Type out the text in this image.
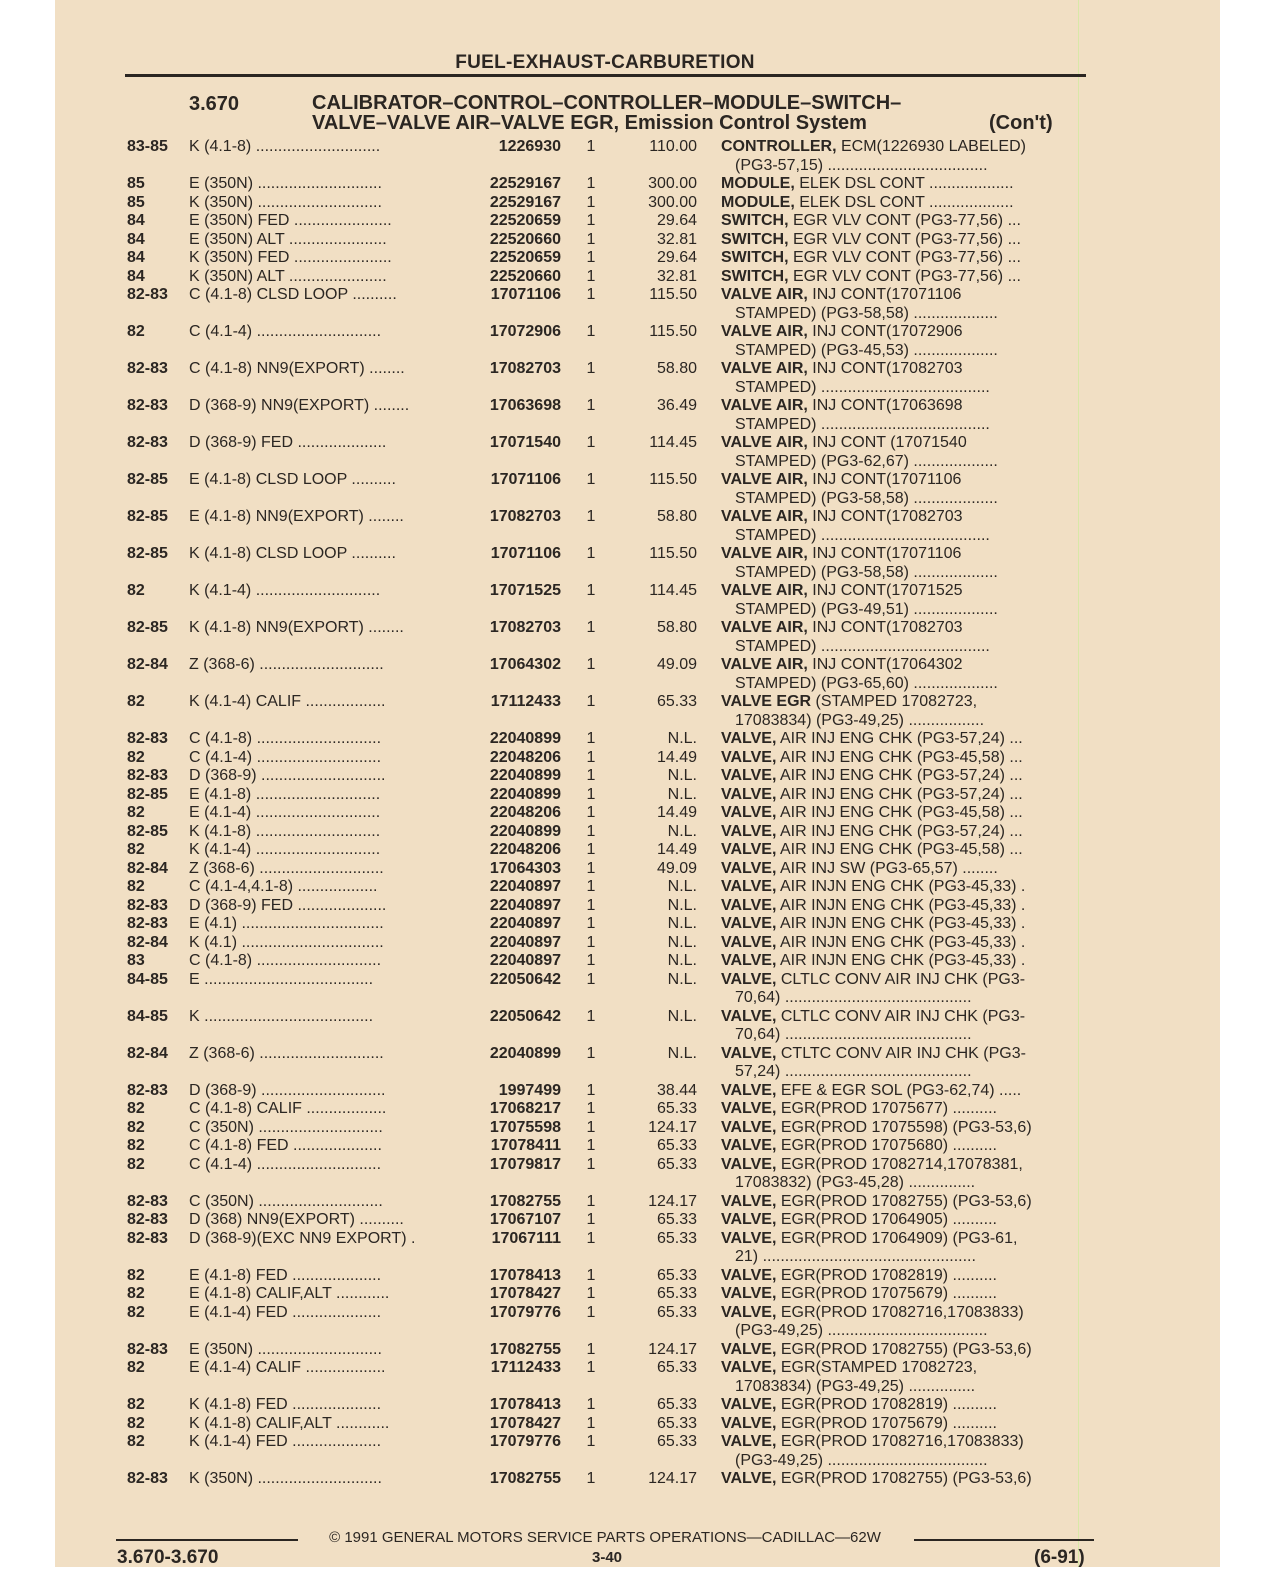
FUEL-EXHAUST-CARBURETION
3.670	CALIBRATOR–CONTROL–CONTROLLER–MODULE–SWITCH–
VALVE–VALVE AIR–VALVE EGR, Emission Control System	(Con't)
83-85 K (4.1-8) ............................	1226930	1	110.00 CONTROLLER, ECM(1226930 LABELED)
(PG3-57,15) ....................................
85	E (350N) ............................	22529167	1	300.00 MODULE, ELEK DSL CONT ...................
85	K (350N) ............................	22529167	1	300.00 MODULE, ELEK DSL CONT ...................
84	E (350N) FED ......................	22520659	1	29.64 SWITCH, EGR VLV CONT (PG3-77,56) ...
84	E (350N) ALT ......................	22520660	1	32.81 SWITCH, EGR VLV CONT (PG3-77,56) ...
84	K (350N) FED ......................	22520659	1	29.64 SWITCH, EGR VLV CONT (PG3-77,56) ...
84	K (350N) ALT ......................	22520660	1	32.81 SWITCH, EGR VLV CONT (PG3-77,56) ...
82-83 C (4.1-8) CLSD LOOP ..........	17071106	1	115.50 VALVE AIR, INJ CONT(17071106
STAMPED) (PG3-58,58) ...................
82	C (4.1-4) ............................	17072906	1	115.50 VALVE AIR, INJ CONT(17072906
STAMPED) (PG3-45,53) ...................
82-83 C (4.1-8) NN9(EXPORT) ........	17082703	1	58.80 VALVE AIR, INJ CONT(17082703
STAMPED) ......................................
82-83 D (368-9) NN9(EXPORT) ........	17063698	1	36.49 VALVE AIR, INJ CONT(17063698
STAMPED) ......................................
82-83 D (368-9) FED ....................	17071540	1	114.45 VALVE AIR, INJ CONT (17071540
STAMPED) (PG3-62,67) ...................
82-85 E (4.1-8) CLSD LOOP ..........	17071106	1	115.50 VALVE AIR, INJ CONT(17071106
STAMPED) (PG3-58,58) ...................
82-85 E (4.1-8) NN9(EXPORT) ........	17082703	1	58.80 VALVE AIR, INJ CONT(17082703
STAMPED) ......................................
82-85 K (4.1-8) CLSD LOOP ..........	17071106	1	115.50 VALVE AIR, INJ CONT(17071106
STAMPED) (PG3-58,58) ...................
82	K (4.1-4) ............................	17071525	1	114.45 VALVE AIR, INJ CONT(17071525
STAMPED) (PG3-49,51) ...................
82-85 K (4.1-8) NN9(EXPORT) ........	17082703	1	58.80 VALVE AIR, INJ CONT(17082703
STAMPED) ......................................
82-84 Z (368-6) ............................	17064302	1	49.09 VALVE AIR, INJ CONT(17064302
STAMPED) (PG3-65,60) ...................
82	K (4.1-4) CALIF ..................	17112433	1	65.33 VALVE EGR (STAMPED 17082723,
17083834) (PG3-49,25) .................
82-83 C (4.1-8) ............................	22040899	1	N.L. VALVE, AIR INJ ENG CHK (PG3-57,24) ...
82	C (4.1-4) ............................	22048206	1	14.49 VALVE, AIR INJ ENG CHK (PG3-45,58) ...
82-83 D (368-9) ............................	22040899	1	N.L. VALVE, AIR INJ ENG CHK (PG3-57,24) ...
82-85 E (4.1-8) ............................	22040899	1	N.L. VALVE, AIR INJ ENG CHK (PG3-57,24) ...
82	E (4.1-4) ............................	22048206	1	14.49 VALVE, AIR INJ ENG CHK (PG3-45,58) ...
82-85 K (4.1-8) ............................	22040899	1	N.L. VALVE, AIR INJ ENG CHK (PG3-57,24) ...
82	K (4.1-4) ............................	22048206	1	14.49 VALVE, AIR INJ ENG CHK (PG3-45,58) ...
82-84 Z (368-6) ............................	17064303	1	49.09 VALVE, AIR INJ SW (PG3-65,57) ........
82	C (4.1-4,4.1-8) ..................	22040897	1	N.L. VALVE, AIR INJN ENG CHK (PG3-45,33) .
82-83 D (368-9) FED ....................	22040897	1	N.L. VALVE, AIR INJN ENG CHK (PG3-45,33) .
82-83 E (4.1) ................................	22040897	1	N.L. VALVE, AIR INJN ENG CHK (PG3-45,33) .
82-84 K (4.1) ................................	22040897	1	N.L. VALVE, AIR INJN ENG CHK (PG3-45,33) .
83	C (4.1-8) ............................	22040897	1	N.L. VALVE, AIR INJN ENG CHK (PG3-45,33) .
84-85 E ......................................	22050642	1	N.L. VALVE, CLTLC CONV AIR INJ CHK (PG3-
70,64) ..........................................
84-85 K ......................................	22050642	1	N.L. VALVE, CLTLC CONV AIR INJ CHK (PG3-
70,64) ..........................................
82-84 Z (368-6) ............................	22040899	1	N.L. VALVE, CTLTC CONV AIR INJ CHK (PG3-
57,24) ..........................................
82-83 D (368-9) ............................	1997499	1	38.44 VALVE, EFE & EGR SOL (PG3-62,74) .....
82	C (4.1-8) CALIF ..................	17068217	1	65.33 VALVE, EGR(PROD 17075677) ..........
82	C (350N) ............................	17075598	1	124.17 VALVE, EGR(PROD 17075598) (PG3-53,6)
82	C (4.1-8) FED ....................	17078411	1	65.33 VALVE, EGR(PROD 17075680) ..........
82	C (4.1-4) ............................	17079817	1	65.33 VALVE, EGR(PROD 17082714,17078381,
17083832) (PG3-45,28) ...............
82-83 C (350N) ............................	17082755	1	124.17 VALVE, EGR(PROD 17082755) (PG3-53,6)
82-83 D (368) NN9(EXPORT) ..........	17067107	1	65.33 VALVE, EGR(PROD 17064905) ..........
82-83 D (368-9)(EXC NN9 EXPORT) .	17067111	1	65.33 VALVE, EGR(PROD 17064909) (PG3-61,
21) ................................................
82	E (4.1-8) FED ....................	17078413	1	65.33 VALVE, EGR(PROD 17082819) ..........
82	E (4.1-8) CALIF,ALT ............	17078427	1	65.33 VALVE, EGR(PROD 17075679) ..........
82	E (4.1-4) FED ....................	17079776	1	65.33 VALVE, EGR(PROD 17082716,17083833)
(PG3-49,25) ....................................
82-83 E (350N) ............................	17082755	1	124.17 VALVE, EGR(PROD 17082755) (PG3-53,6)
82	E (4.1-4) CALIF ..................	17112433	1	65.33 VALVE, EGR(STAMPED 17082723,
17083834) (PG3-49,25) ...............
82	K (4.1-8) FED ....................	17078413	1	65.33 VALVE, EGR(PROD 17082819) ..........
82	K (4.1-8) CALIF,ALT ............	17078427	1	65.33 VALVE, EGR(PROD 17075679) ..........
82	K (4.1-4) FED ....................	17079776	1	65.33 VALVE, EGR(PROD 17082716,17083833)
(PG3-49,25) ....................................
82-83 K (350N) ............................	17082755	1	124.17 VALVE, EGR(PROD 17082755) (PG3-53,6)
© 1991 GENERAL MOTORS SERVICE PARTS OPERATIONS—CADILLAC—62W
3.670-3.670	3-40	(6-91)
